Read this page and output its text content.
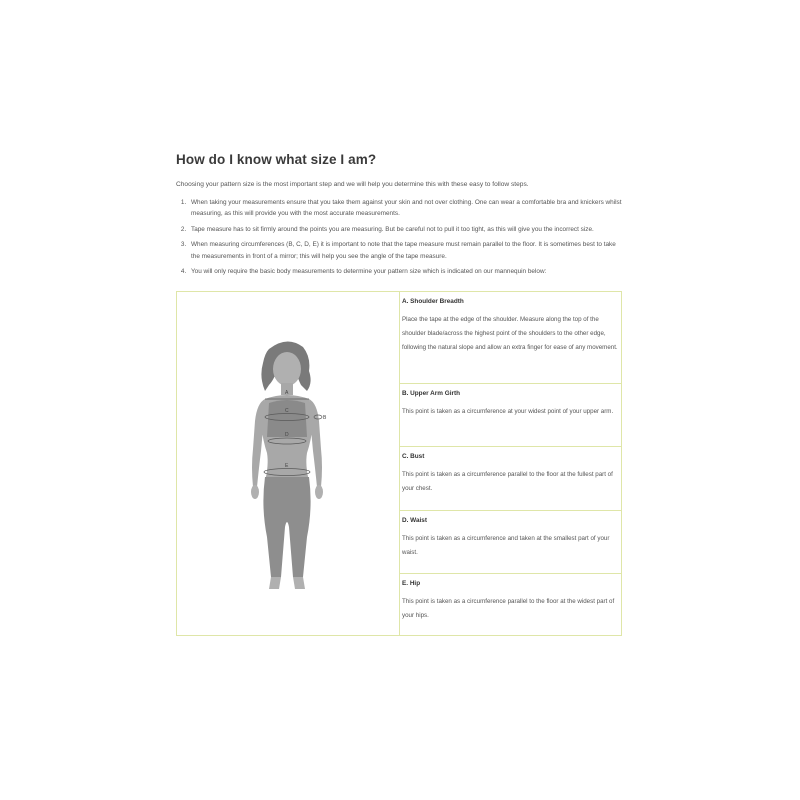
How do I know what size I am?

Choosing your pattern size is the most important step and we will help you determine this with these easy to follow steps.

1. When taking your measurements ensure that you take them against your skin and not over clothing. One can wear a comfortable bra and knickers whilst measuring, as this will provide you with the most accurate measurements.
2. Tape measure has to sit firmly around the points you are measuring. But be careful not to pull it too tight, as this will give you the incorrect size.
3. When measuring circumferences (B, C, D, E) it is important to note that the tape measure must remain parallel to the floor. It is sometimes best to take the measurements in front of a mirror; this will help you see the angle of the tape measure.
4. You will only require the basic body measurements to determine your pattern size which is indicated on our mannequin below:
A
B
C
D
E
A. Shoulder Breadth
Place the tape at the edge of the shoulder. Measure along the top of the shoulder blade/across the highest point of the shoulders to the other edge, following the natural slope and allow an extra finger for ease of any movement.
B. Upper Arm Girth
This point is taken as a circumference at your widest point of your upper arm.
C. Bust
This point is taken as a circumference parallel to the floor at the fullest part of your chest.
D. Waist
This point is taken as a circumference and taken at the smallest part of your waist.
E. Hip
This point is taken as a circumference parallel to the floor at the widest part of your hips.
